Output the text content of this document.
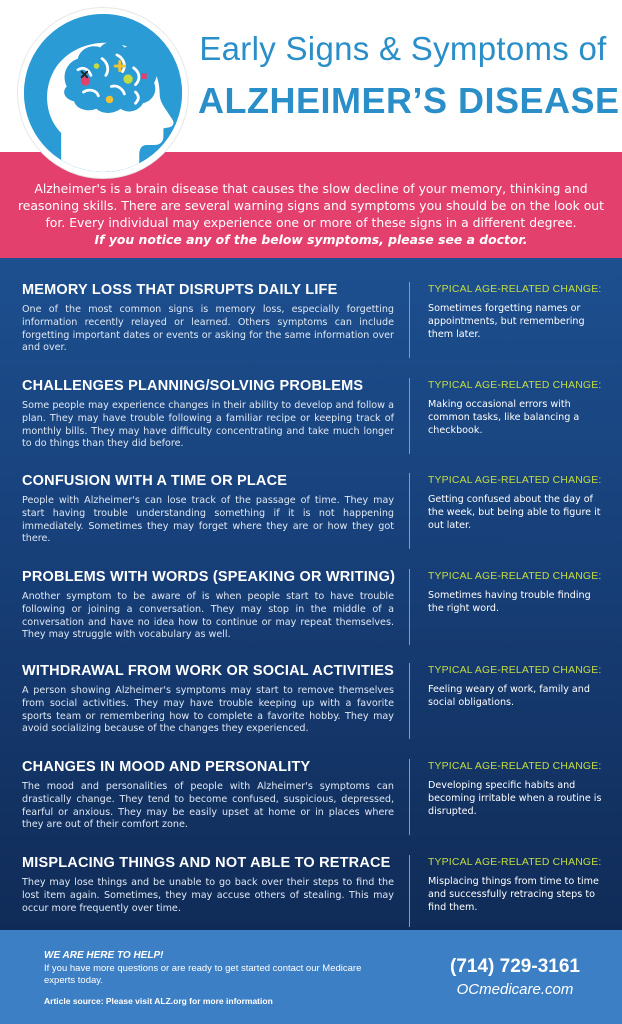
Early Signs & Symptoms of
ALZHEIMER’S DISEASE

Alzheimer's is a brain disease that causes the slow decline of your memory, thinking and reasoning skills. There are several warning signs and symptoms you should be on the look out for. Every individual may experience one or more of these signs in a different degree.

If you notice any of the below symptoms, please see a doctor.

MEMORY LOSS THAT DISRUPTS DAILY LIFE
One of the most common signs is memory loss, especially forgetting information recently relayed or learned. Others symptoms can include forgetting important dates or events or asking for the same information over and over.
TYPICAL AGE-RELATED CHANGE:
Sometimes forgetting names or appointments, but remembering them later.
CHALLENGES PLANNING/SOLVING PROBLEMS
Some people may experience changes in their ability to develop and follow a plan. They may have trouble following a familiar recipe or keeping track of monthly bills. They may have difficulty concentrating and take much longer to do things than they did before.
TYPICAL AGE-RELATED CHANGE:
Making occasional errors with common tasks, like balancing a checkbook.
CONFUSION WITH A TIME OR PLACE
People with Alzheimer's can lose track of the passage of time. They may start having trouble understanding something if it is not happening immediately. Sometimes they may forget where they are or how they got there.
TYPICAL AGE-RELATED CHANGE:
Getting confused about the day of the week, but being able to figure it out later.
PROBLEMS WITH WORDS (SPEAKING OR WRITING)
Another symptom to be aware of is when people start to have trouble following or joining a conversation. They may stop in the middle of a conversation and have no idea how to continue or may repeat themselves. They may struggle with vocabulary as well.
TYPICAL AGE-RELATED CHANGE:
Sometimes having trouble finding the right word.
WITHDRAWAL FROM WORK OR SOCIAL ACTIVITIES
A person showing Alzheimer's symptoms may start to remove themselves from social activities. They may have trouble keeping up with a favorite sports team or remembering how to complete a favorite hobby. They may avoid socializing because of the changes they experienced.
TYPICAL AGE-RELATED CHANGE:
Feeling weary of work, family and social obligations.
CHANGES IN MOOD AND PERSONALITY
The mood and personalities of people with Alzheimer's symptoms can drastically change. They tend to become confused, suspicious, depressed, fearful or anxious. They may be easily upset at home or in places where they are out of their comfort zone.
TYPICAL AGE-RELATED CHANGE:
Developing specific habits and becoming irritable when a routine is disrupted.
MISPLACING THINGS AND NOT ABLE TO RETRACE
They may lose things and be unable to go back over their steps to find the lost item again. Sometimes, they may accuse others of stealing. This may occur more frequently over time.
TYPICAL AGE-RELATED CHANGE:
Misplacing things from time to time and successfully retracing steps to find them.
WE ARE HERE TO HELP!
If you have more questions or are ready to get started contact our Medicare experts today.
Article source: Please visit ALZ.org for more information
(714) 729-3161
OCmedicare.com
